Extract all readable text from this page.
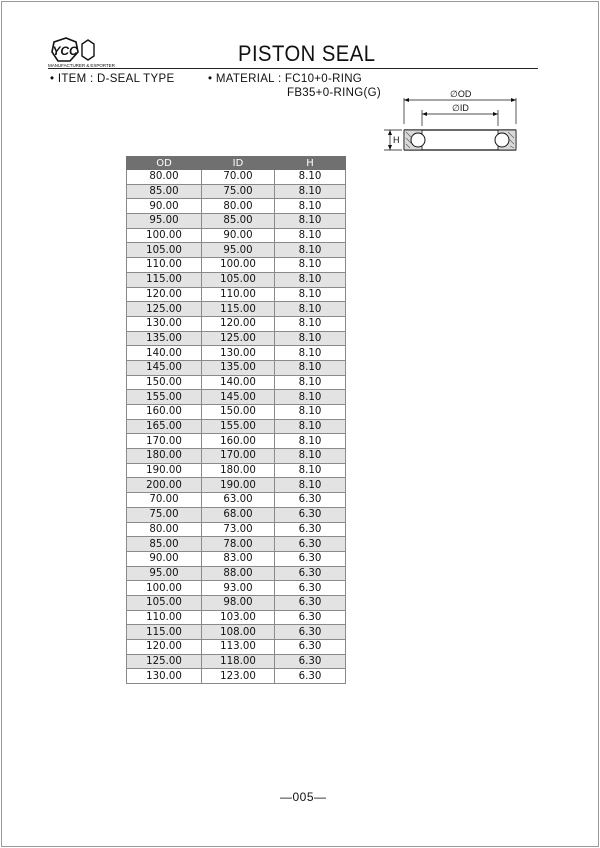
YCC
MANUFACTURER & EXPORTER	PISTON SEAL
• ITEM : D-SEAL TYPE	• MATERIAL : FC10+0-RING
FB35+0-RING(G)	∅OD
∅ID
H
OD	ID	H
80.00	70.00	8.10
85.00	75.00	8.10
90.00	80.00	8.10
95.00	85.00	8.10
100.00	90.00	8.10
105.00	95.00	8.10
110.00	100.00	8.10
115.00	105.00	8.10
120.00	110.00	8.10
125.00	115.00	8.10
130.00	120.00	8.10
135.00	125.00	8.10
140.00	130.00	8.10
145.00	135.00	8.10
150.00	140.00	8.10
155.00	145.00	8.10
160.00	150.00	8.10
165.00	155.00	8.10
170.00	160.00	8.10
180.00	170.00	8.10
190.00	180.00	8.10
200.00	190.00	8.10
70.00	63.00	6.30
75.00	68.00	6.30
80.00	73.00	6.30
85.00	78.00	6.30
90.00	83.00	6.30
95.00	88.00	6.30
100.00	93.00	6.30
105.00	98.00	6.30
110.00	103.00	6.30
115.00	108.00	6.30
120.00	113.00	6.30
125.00	118.00	6.30
130.00	123.00	6.30
—005—
